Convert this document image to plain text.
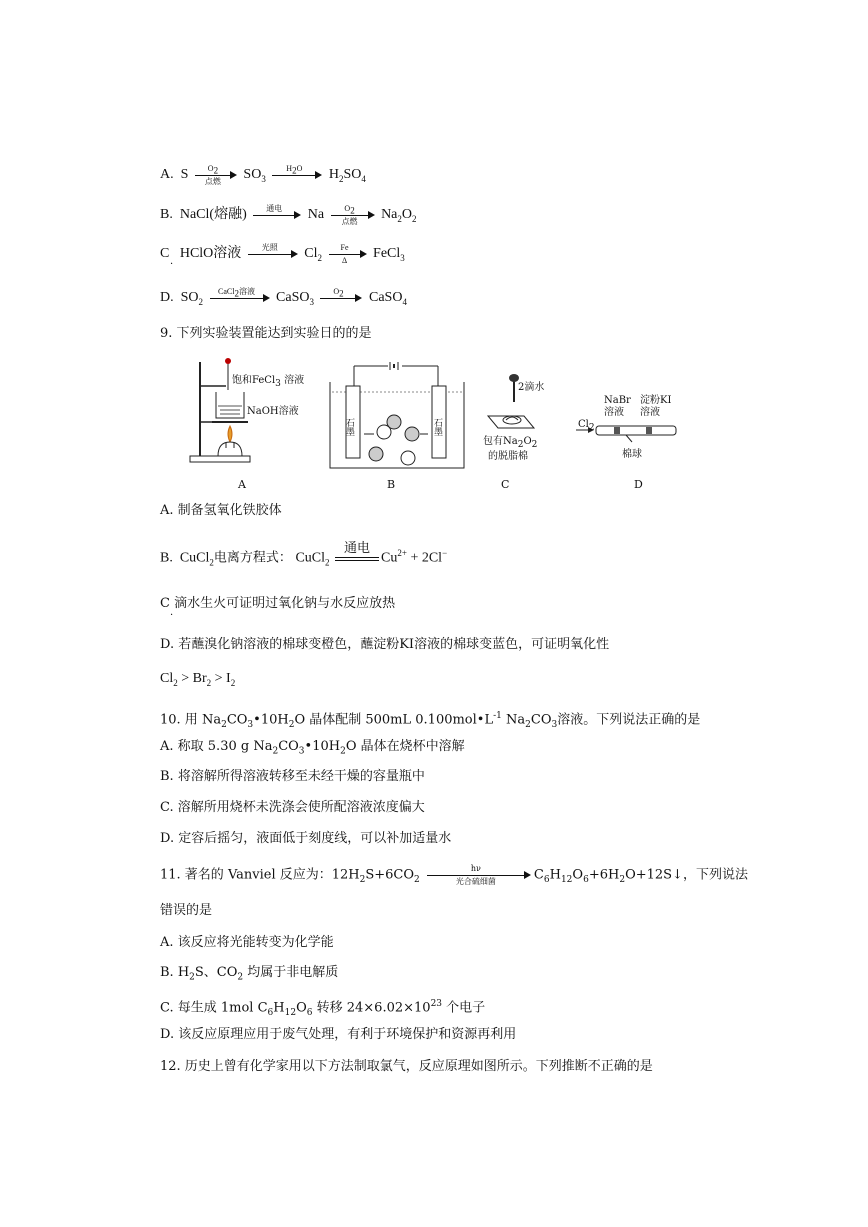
A. S	$O_2$
点燃	$SO_3$
$H_2O$	$H_2SO_4$
B. NaCl(熔融)	通电	Na	$O_2$
点燃	$Na_2O_2$
C HClO溶液	光照	$Cl_2 \frac{Fe}{\Delta}$ FeCl$_3$
·
D. $SO_2$
CaCl$_2$溶液	CaSO$_3$
$O_2$	CaSO$_4$
9. 下列实验装置能达到实验日的的是
饱和FeCl$_3$ 溶液
NaOH溶液
A
石
墨
石
墨
B
2滴水
包有$Na_2O_2$
的脱脂棉
C
NaBr
溶液
淀粉KI
溶液
$Cl_2$
棉球
D
A. 制备氢氧化铁胶体
B. CuCl$_2$电离方程式： CuCl$_2$
通电
$Cu^{2+} + 2Cl^-$
C 滴水生火可证明过氧化钠与水反应放热
·
D. 若蘸溴化钠溶液的棉球变橙色，蘸淀粉KI溶液的棉球变蓝色，可证明氧化性
$Cl_2 > Br_2 > I_2$
10. 用 $Na_2CO_3•10H_2O$ 晶体配制 500mL $0.100mol•L^{-1}$ $Na_2CO_3$溶液。下列说法正确的是
A. 称取 5.30 g $Na_2CO_3•10H_2O$ 晶体在烧杯中溶解
B. 将溶解所得溶液转移至未经干燥的容量瓶中
C. 溶解所用烧杯未洗涤会使所配溶液浓度偏大
D. 定容后摇匀，液面低于刻度线，可以补加适量水
11. 著名的 Vanviel 反应为：$12H_2S+6CO_2$
hν
光合硫细菌	$C_6H_{12}O_6+6H_2O+12S↓$，下列说法
错误的是
A. 该反应将光能转变为化学能
B. $H_2S$、$CO_2$ 均属于非电解质
C. 每生成 1mol $C_6H_{12}O_6$ 转移 $24\times 6.02\times 10^{23}$ 个电子
D. 该反应原理应用于废气处理，有利于环境保护和资源再利用
12. 历史上曾有化学家用以下方法制取氯气，反应原理如图所示。下列推断不正确的是
